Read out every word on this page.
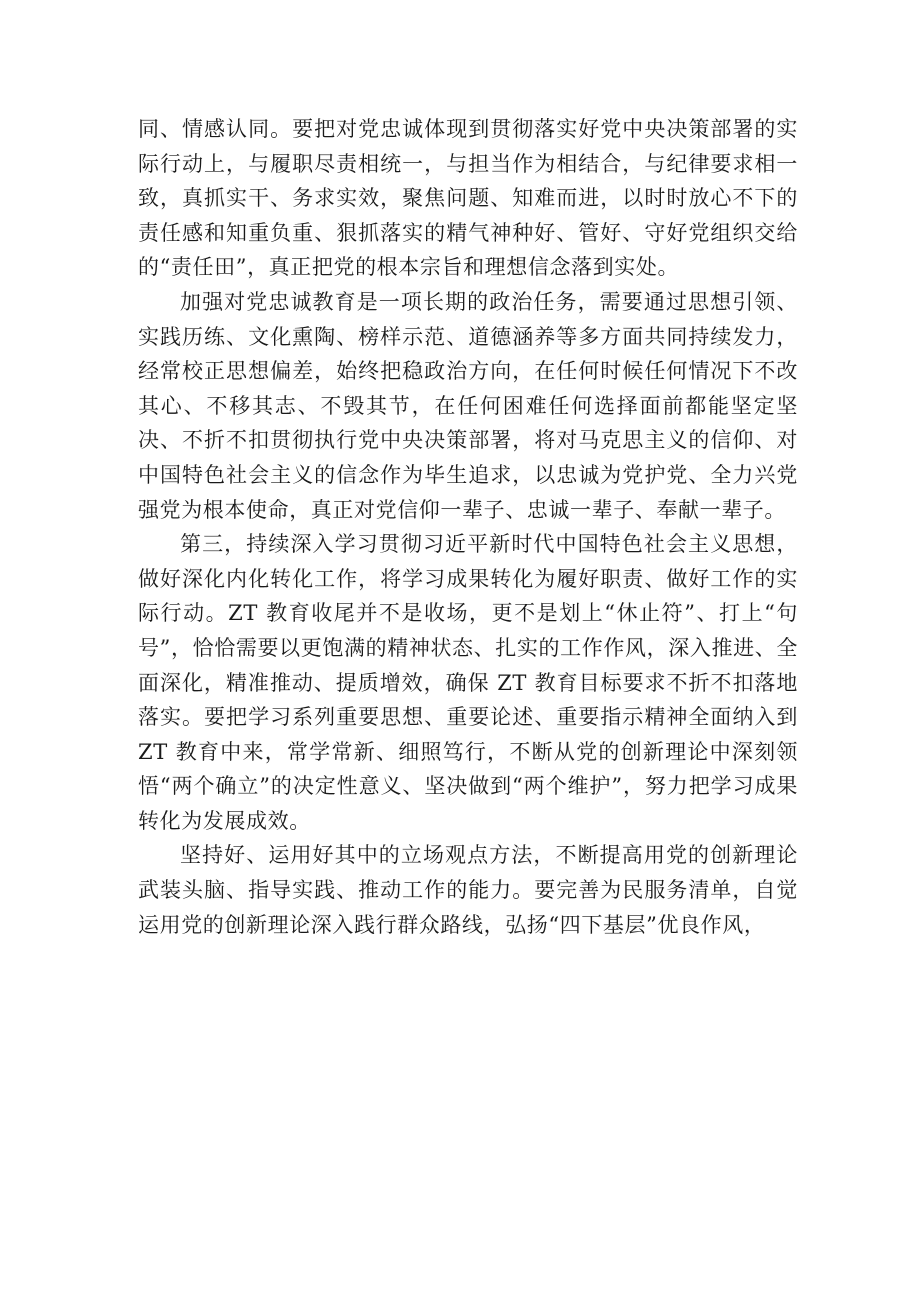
同、情感认同。要把对党忠诚体现到贯彻落实好党中央决策部署的实际行动上，与履职尽责相统一，与担当作为相结合，与纪律要求相一致，真抓实干、务求实效，聚焦问题、知难而进，以时时放心不下的责任感和知重负重、狠抓落实的精气神种好、管好、守好党组织交给的“责任田”，真正把党的根本宗旨和理想信念落到实处。

加强对党忠诚教育是一项长期的政治任务，需要通过思想引领、实践历练、文化熏陶、榜样示范、道德涵养等多方面共同持续发力，经常校正思想偏差，始终把稳政治方向，在任何时候任何情况下不改其心、不移其志、不毁其节，在任何困难任何选择面前都能坚定坚决、不折不扣贯彻执行党中央决策部署，将对马克思主义的信仰、对中国特色社会主义的信念作为毕生追求，以忠诚为党护党、全力兴党强党为根本使命，真正对党信仰一辈子、忠诚一辈子、奉献一辈子。

第三，持续深入学习贯彻习近平新时代中国特色社会主义思想，做好深化内化转化工作，将学习成果转化为履好职责、做好工作的实际行动。ZT 教育收尾并不是收场，更不是划上“休止符”、打上“句号”，恰恰需要以更饱满的精神状态、扎实的工作作风，深入推进、全面深化，精准推动、提质增效，确保 ZT 教育目标要求不折不扣落地落实。要把学习系列重要思想、重要论述、重要指示精神全面纳入到 ZT 教育中来，常学常新、细照笃行，不断从党的创新理论中深刻领悟“两个确立”的决定性意义、坚决做到“两个维护”，努力把学习成果转化为发展成效。

坚持好、运用好其中的立场观点方法，不断提高用党的创新理论武装头脑、指导实践、推动工作的能力。要完善为民服务清单，自觉运用党的创新理论深入践行群众路线，弘扬“四下基层”优良作风，
